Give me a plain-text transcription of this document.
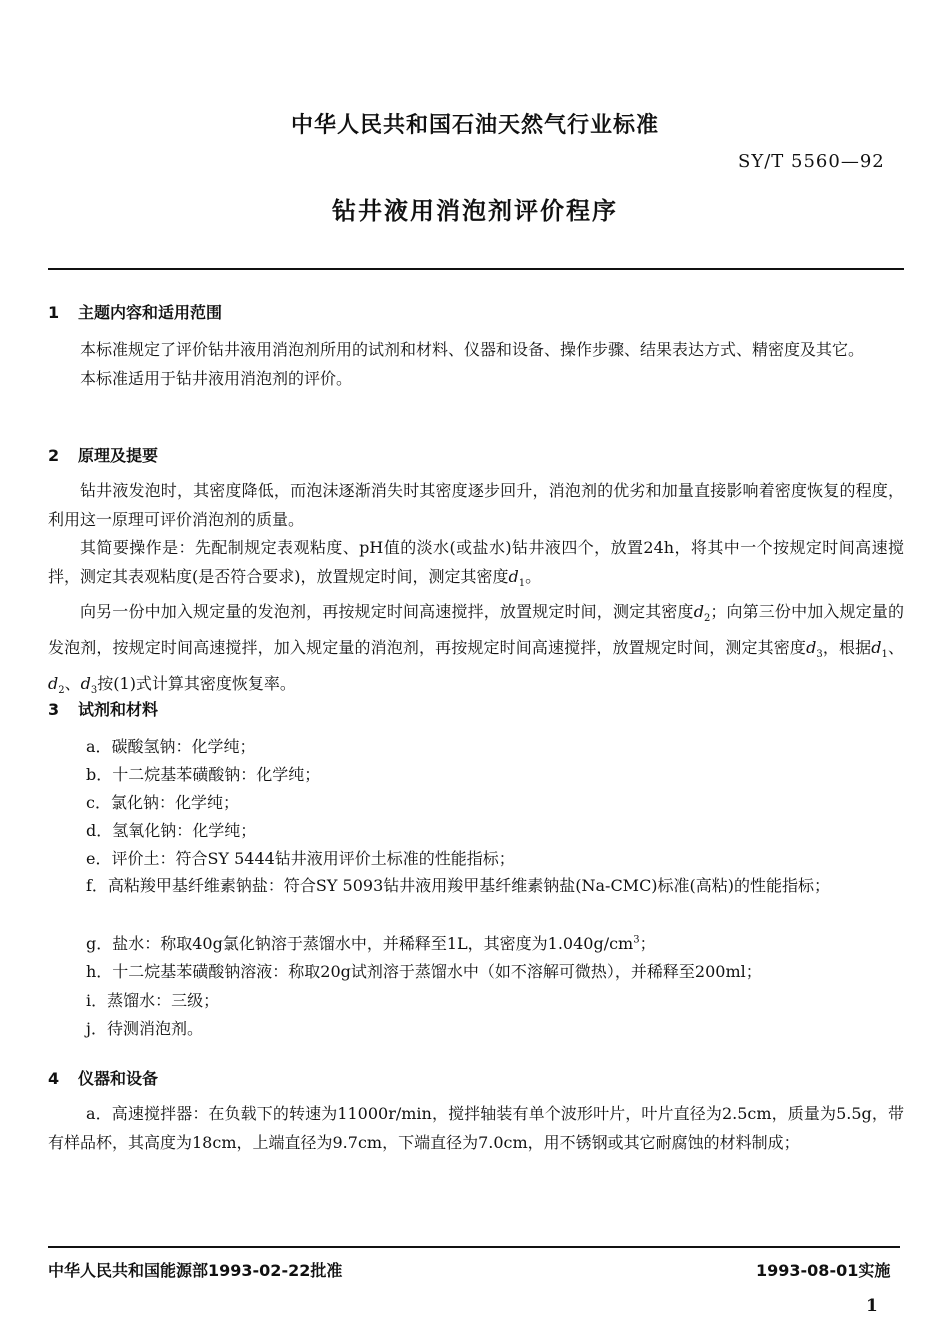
中华人民共和国石油天然气行业标准
SY/T 5560—92
钻井液用消泡剂评价程序
1 主题内容和适用范围

本标准规定了评价钻井液用消泡剂所用的试剂和材料、仪器和设备、操作步骤、结果表达方式、精密度及其它。

本标准适用于钻井液用消泡剂的评价。

2 原理及提要

钻井液发泡时，其密度降低，而泡沫逐渐消失时其密度逐步回升，消泡剂的优劣和加量直接影响着密度恢复的程度，利用这一原理可评价消泡剂的质量。

其简要操作是：先配制规定表观粘度、pH值的淡水(或盐水)钻井液四个，放置24h，将其中一个按规定时间高速搅拌，测定其表观粘度(是否符合要求)，放置规定时间，测定其密度$d_1$。

向另一份中加入规定量的发泡剂，再按规定时间高速搅拌，放置规定时间，测定其密度$d_2$；向第三份中加入规定量的发泡剂，按规定时间高速搅拌，加入规定量的消泡剂，再按规定时间高速搅拌，放置规定时间，测定其密度$d_3$，根据$d_1$、$d_2$、$d_3$按(1)式计算其密度恢复率。

3 试剂和材料
a．碳酸氢钠：化学纯；
b．十二烷基苯磺酸钠：化学纯；
c．氯化钠：化学纯；
d．氢氧化钠：化学纯；
e．评价土：符合SY 5444钻井液用评价土标准的性能指标；
f．高粘羧甲基纤维素钠盐：符合SY 5093钻井液用羧甲基纤维素钠盐(Na-CMC)标准(高粘)的性能指标；
g．盐水：称取40g氯化钠溶于蒸馏水中，并稀释至1L，其密度为$1.040g/cm^3$；
h．十二烷基苯磺酸钠溶液：称取20g试剂溶于蒸馏水中（如不溶解可微热），并稀释至200ml；
i．蒸馏水：三级；
j．待测消泡剂。
4 仪器和设备
a．高速搅拌器：在负载下的转速为11000r/min，搅拌轴装有单个波形叶片，叶片直径为2.5cm，质量为5.5g，带有样品杯，其高度为18cm，上端直径为9.7cm，下端直径为7.0cm，用不锈钢或其它耐腐蚀的材料制成；
中华人民共和国能源部1993-02-22批准	1993-08-01实施
1
